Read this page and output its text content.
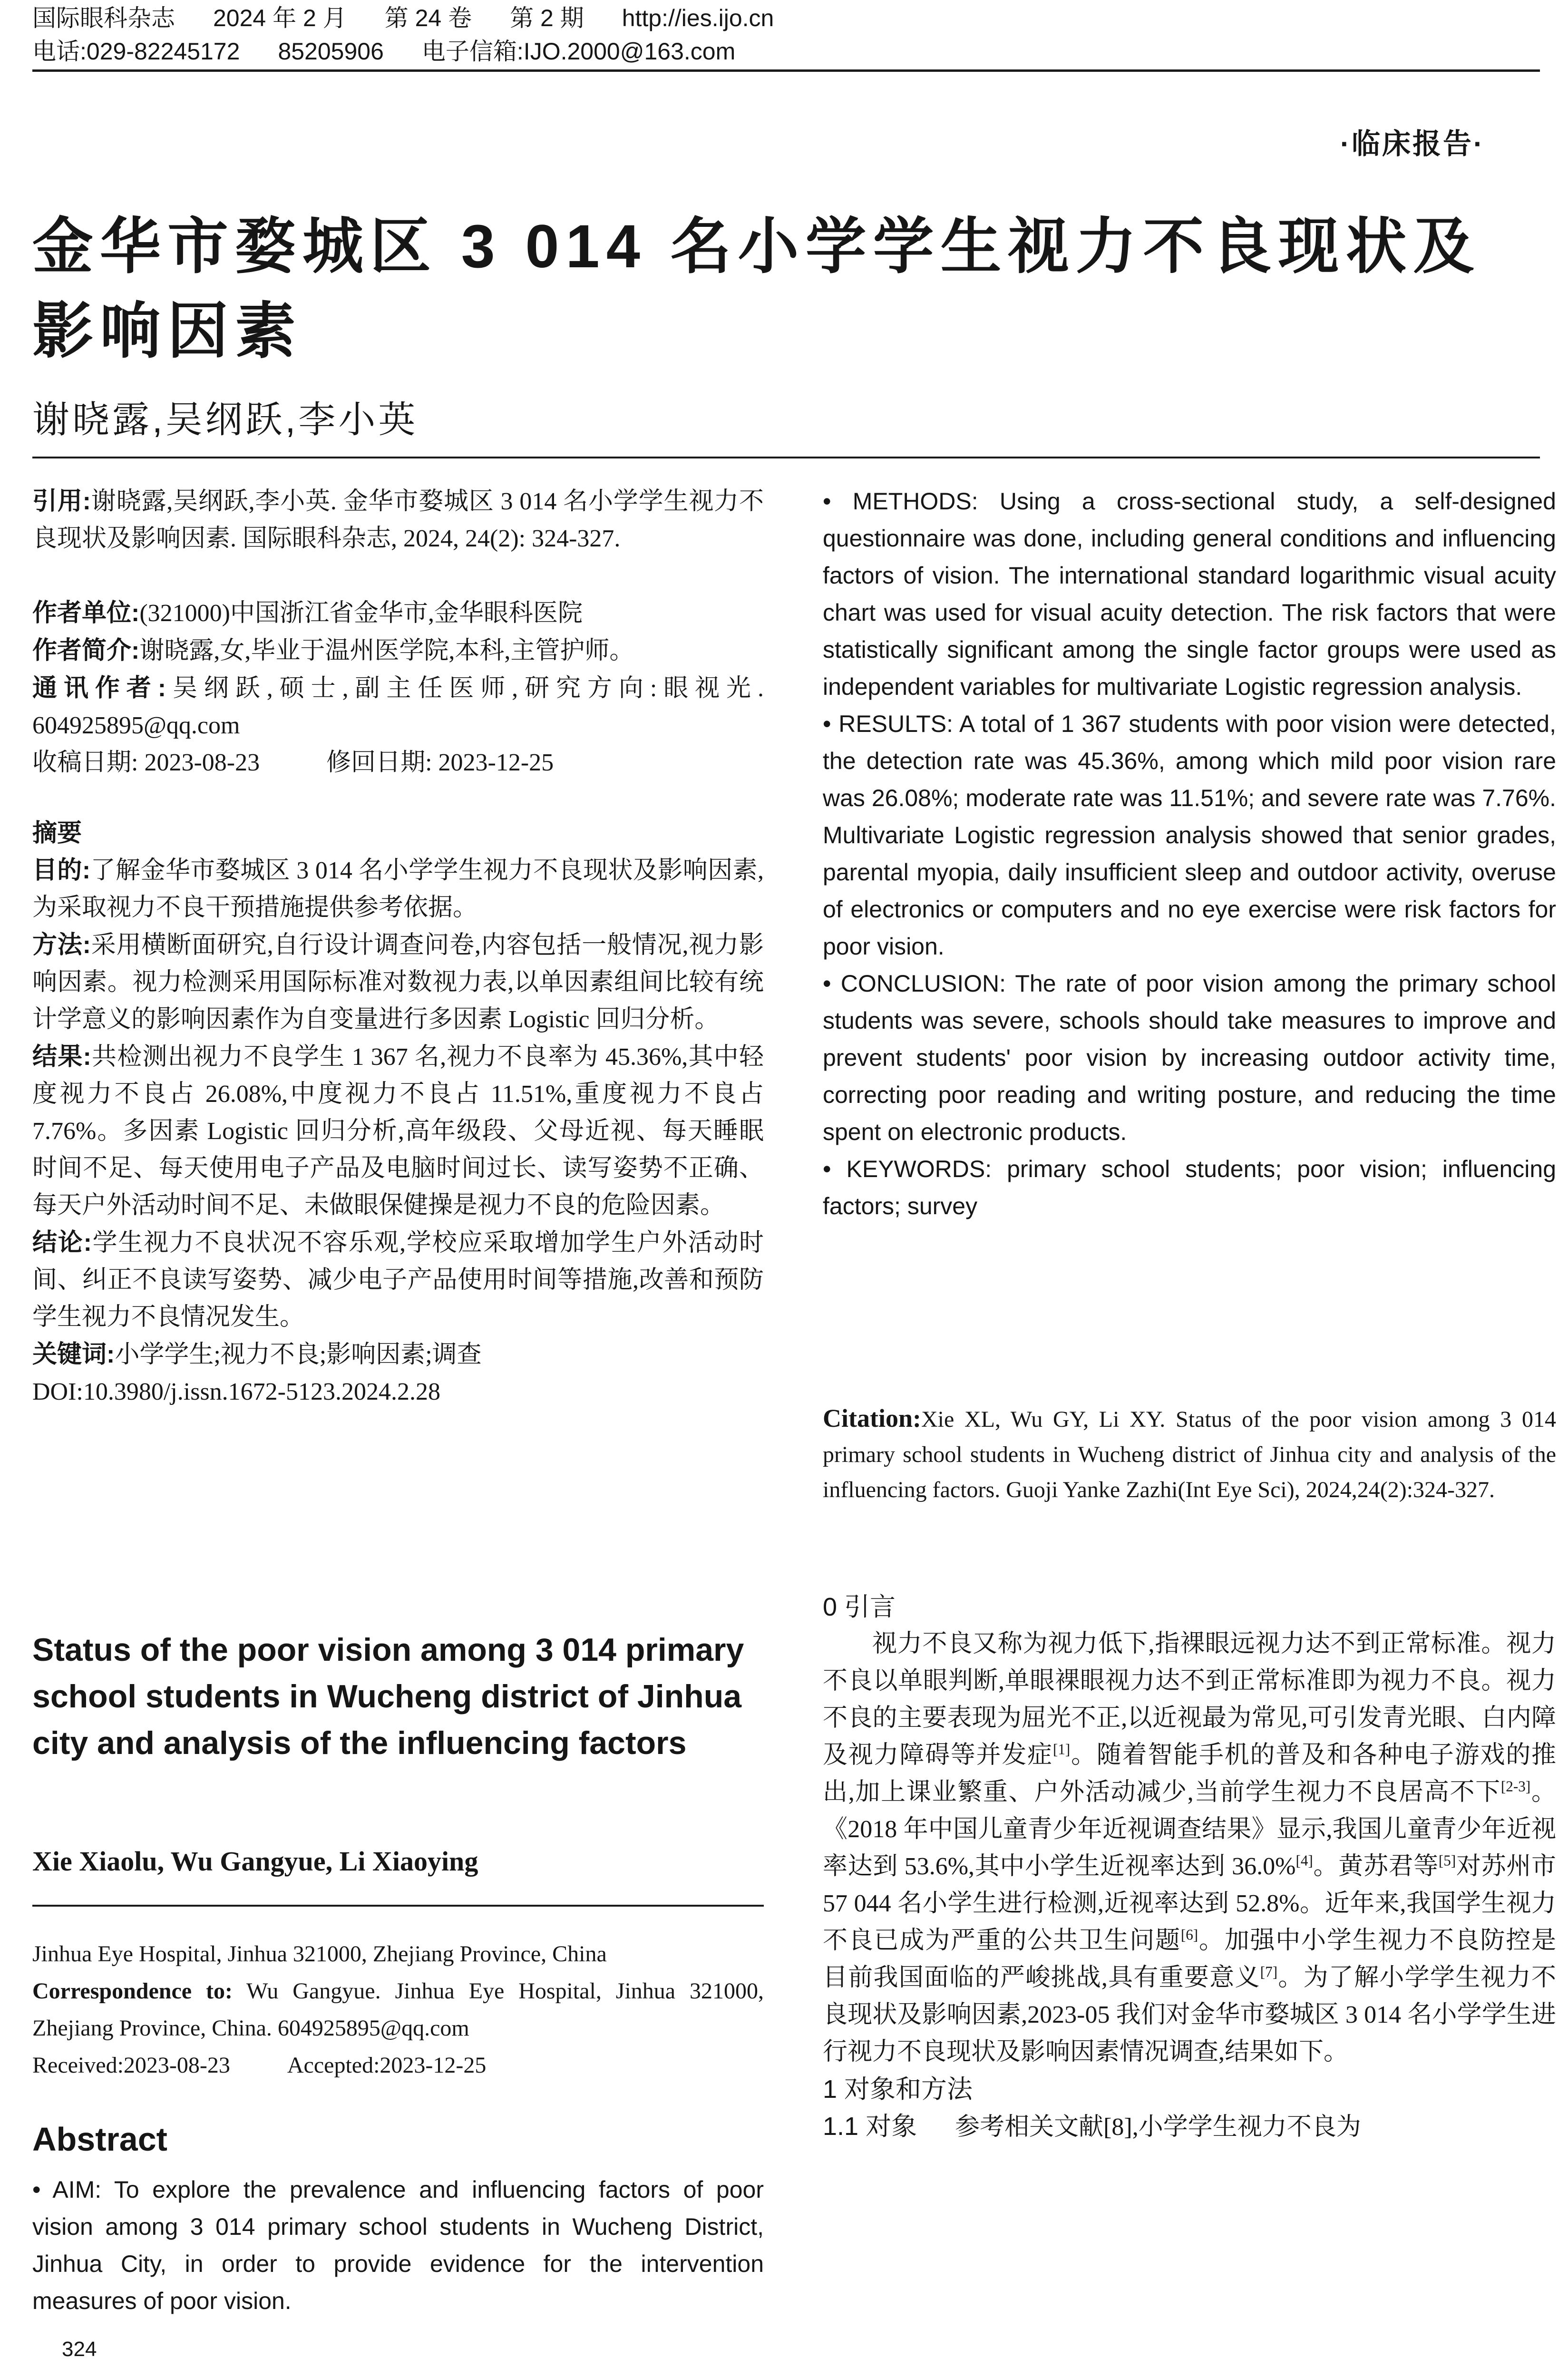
国际眼科杂志 2024 年 2 月 第 24 卷 第 2 期 http://ies.ijo.cn
电话:029-82245172 85205906 电子信箱:IJO.2000@163.com
·临床报告·
金华市婺城区 3 014 名小学学生视力不良现状及影响因素
谢晓露,吴纲跃,李小英

引用:谢晓露,吴纲跃,李小英. 金华市婺城区 3 014 名小学学生视力不良现状及影响因素. 国际眼科杂志, 2024, 24(2): 324-327.

作者单位:(321000)中国浙江省金华市,金华眼科医院

作者简介:谢晓露,女,毕业于温州医学院,本科,主管护师。

通讯作者:吴纲跃,硕士,副主任医师,研究方向:眼视光. 604925895@qq.com

收稿日期: 2023-08-23	修回日期: 2023-12-25

摘要

目的:了解金华市婺城区 3 014 名小学学生视力不良现状及影响因素,为采取视力不良干预措施提供参考依据。

方法:采用横断面研究,自行设计调查问卷,内容包括一般情况,视力影响因素。视力检测采用国际标准对数视力表,以单因素组间比较有统计学意义的影响因素作为自变量进行多因素 Logistic 回归分析。

结果:共检测出视力不良学生 1 367 名,视力不良率为 45.36%,其中轻度视力不良占 26.08%,中度视力不良占 11.51%,重度视力不良占 7.76%。多因素 Logistic 回归分析,高年级段、父母近视、每天睡眠时间不足、每天使用电子产品及电脑时间过长、读写姿势不正确、每天户外活动时间不足、未做眼保健操是视力不良的危险因素。

结论:学生视力不良状况不容乐观,学校应采取增加学生户外活动时间、纠正不良读写姿势、减少电子产品使用时间等措施,改善和预防学生视力不良情况发生。

关键词:小学学生;视力不良;影响因素;调查

DOI:10.3980/j.issn.1672-5123.2024.2.28

Status of the poor vision among 3 014 primary school students in Wucheng district of Jinhua city and analysis of the influencing factors
Xie Xiaolu, Wu Gangyue, Li Xiaoying

Jinhua Eye Hospital, Jinhua 321000, Zhejiang Province, China

Correspondence to: Wu Gangyue. Jinhua Eye Hospital, Jinhua 321000, Zhejiang Province, China. 604925895@qq.com

Received:2023-08-23	Accepted:2023-12-25

Abstract
• AIM: To explore the prevalence and influencing factors of poor vision among 3 014 primary school students in Wucheng District, Jinhua City, in order to provide evidence for the intervention measures of poor vision.

• METHODS: Using a cross-sectional study, a self-designed questionnaire was done, including general conditions and influencing factors of vision. The international standard logarithmic visual acuity chart was used for visual acuity detection. The risk factors that were statistically significant among the single factor groups were used as independent variables for multivariate Logistic regression analysis.

• RESULTS: A total of 1 367 students with poor vision were detected, the detection rate was 45.36%, among which mild poor vision rare was 26.08%; moderate rate was 11.51%; and severe rate was 7.76%. Multivariate Logistic regression analysis showed that senior grades, parental myopia, daily insufficient sleep and outdoor activity, overuse of electronics or computers and no eye exercise were risk factors for poor vision.

• CONCLUSION: The rate of poor vision among the primary school students was severe, schools should take measures to improve and prevent students' poor vision by increasing outdoor activity time, correcting poor reading and writing posture, and reducing the time spent on electronic products.

• KEYWORDS: primary school students; poor vision; influencing factors; survey

Citation:Xie XL, Wu GY, Li XY. Status of the poor vision among 3 014 primary school students in Wucheng district of Jinhua city and analysis of the influencing factors. Guoji Yanke Zazhi(Int Eye Sci), 2024,24(2):324-327.

0 引言

视力不良又称为视力低下,指裸眼远视力达不到正常标准。视力不良以单眼判断,单眼裸眼视力达不到正常标准即为视力不良。视力不良的主要表现为屈光不正,以近视最为常见,可引发青光眼、白内障及视力障碍等并发症[1]。随着智能手机的普及和各种电子游戏的推出,加上课业繁重、户外活动减少,当前学生视力不良居高不下[2-3]。《2018 年中国儿童青少年近视调查结果》显示,我国儿童青少年近视率达到 53.6%,其中小学生近视率达到 36.0%[4]。黄苏君等[5]对苏州市 57 044 名小学生进行检测,近视率达到 52.8%。近年来,我国学生视力不良已成为严重的公共卫生问题[6]。加强中小学生视力不良防控是目前我国面临的严峻挑战,具有重要意义[7]。为了解小学学生视力不良现状及影响因素,2023-05 我们对金华市婺城区 3 014 名小学学生进行视力不良现状及影响因素情况调查,结果如下。

1 对象和方法

1.1 对象 参考相关文献[8],小学学生视力不良为

324
